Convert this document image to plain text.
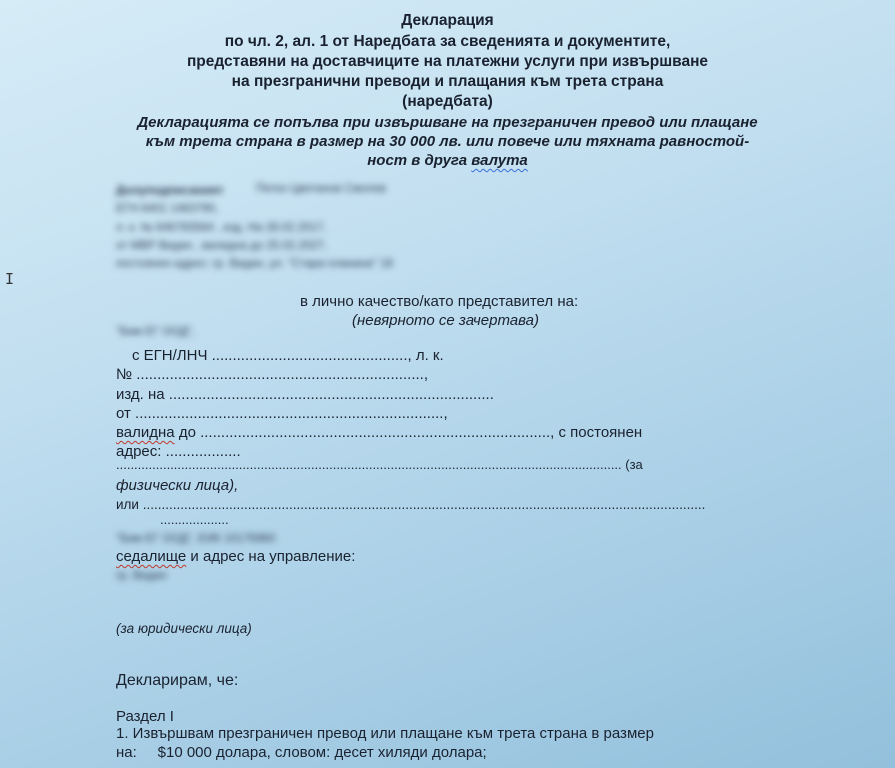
I
Декларация
по чл. 2, ал. 1 от Наредбата за сведенията и документите,
представяни на доставчиците на платежни услуги при извършване
на презгранични преводи и плащания към трета страна
(наредбата)
Декларацията се попълва при извършване на презграничен превод или плащане
към трета страна в размер на 30 000 лв. или повече или тяхната равностой-
ност в друга валута
Долуподписаният	Петко Цветанов Смолев
ЕГН 6401 1463790,
л. к. № 646783564 , изд. На 28.02.2017,
от МВР Видин , валидна до 25.02.2027,
постоянен адрес: гр. Видин, ул. "Стара планина" 18
в лично качество/като представител на:
(невярното се зачертава)
"Бим ЕГ ООД",
с ЕГН/ЛНЧ ..............................................., л. к.
№ .....................................................................,
изд. на ..............................................................................
от ..........................................................................,
валидна до ...................................................................................., с постоянен
адрес: ..................
............................................................................................................................................ (за
физически лица),
или ......................................................................................................................................................
...................
"Бим ЕГ ООД", ЕИК 10176960
седалище и адрес на управление:
гр. Видин
(за юридически лица)
Декларирам, че:
Раздел I
1. Извършвам презграничен превод или плащане към трета страна в размер
на:     $10 000 долара, словом: десет хиляди долара;
